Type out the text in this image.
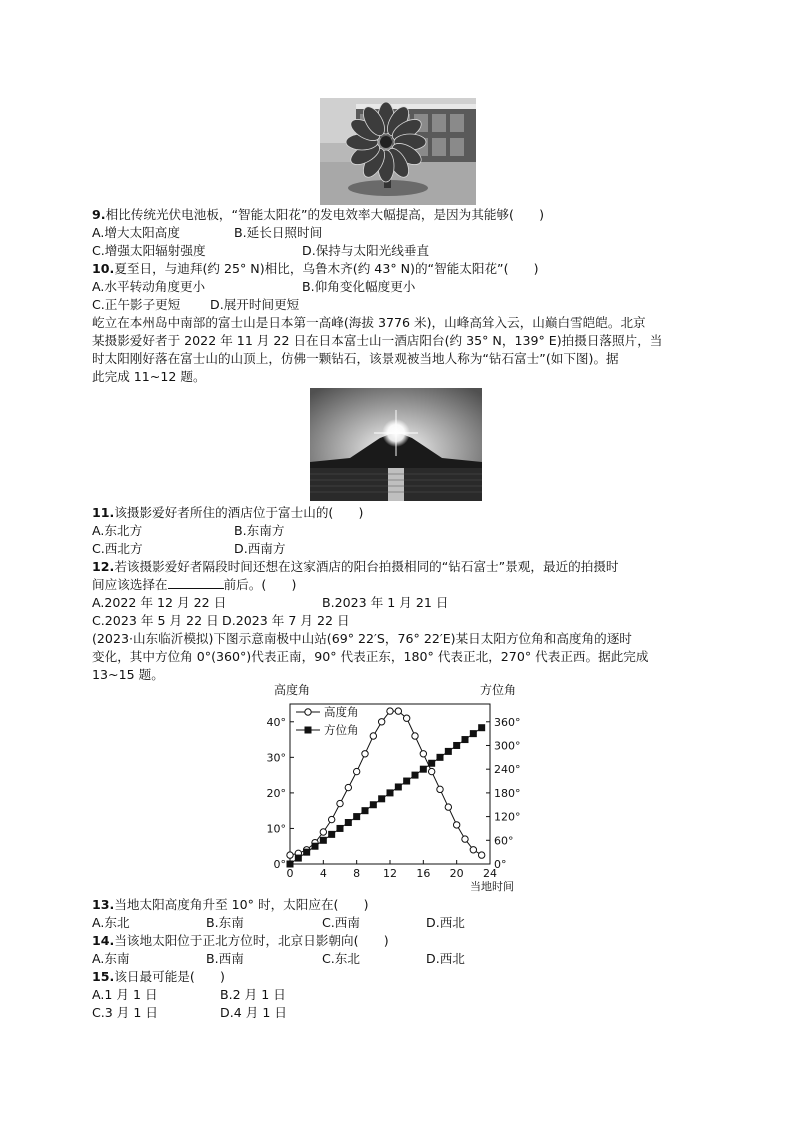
9.相比传统光伏电池板，“智能太阳花”的发电效率大幅提高，是因为其能够(　　)
A.增大太阳高度	B.延长日照时间
C.增强太阳辐射强度	D.保持与太阳光线垂直
10.夏至日，与迪拜(约 25° N)相比，乌鲁木齐(约 43° N)的“智能太阳花”(　　)
A.水平转动角度更小	B.仰角变化幅度更小
C.正午影子更短 D.展开时间更短
屹立在本州岛中南部的富士山是日本第一高峰(海拔 3776 米)，山峰高耸入云，山巅白雪皑皑。北京
某摄影爱好者于 2022 年 11 月 22 日在日本富士山一酒店阳台(约 35° N，139° E)拍摄日落照片，当
时太阳刚好落在富士山的山顶上，仿佛一颗钻石，该景观被当地人称为“钻石富士”(如下图)。据
此完成 11~12 题。
11.该摄影爱好者所住的酒店位于富士山的(　　)
A.东北方	B.东南方
C.西北方	D.西南方
12.若该摄影爱好者隔段时间还想在这家酒店的阳台拍摄相同的“钻石富士”景观，最近的拍摄时
间应该选择在	前后。(　　)
A.2022 年 12 月 22 日	B.2023 年 1 月 21 日
C.2023 年 5 月 22 日 D.2023 年 7 月 22 日
(2023·山东临沂模拟)下图示意南极中山站(69° 22′S，76° 22′E)某日太阳方位角和高度角的逐时
变化，其中方位角 0°(360°)代表正南，90° 代表正东，180° 代表正北，270° 代表正西。据此完成
13~15 题。
0°
10°
20°
30°
40°
0°
60°
120°
180°
240°
300°
360°
0 4 8 12 16 20 24
高度角	方位角
当地时间
高度角
方位角
13.当地太阳高度角升至 10° 时，太阳应在(　　)
A.东北	B.东南	C.西南	D.西北
14.当该地太阳位于正北方位时，北京日影朝向(　　)
A.东南	B.西南	C.东北	D.西北
15.该日最可能是(　　)
A.1 月 1 日	B.2 月 1 日
C.3 月 1 日	D.4 月 1 日
